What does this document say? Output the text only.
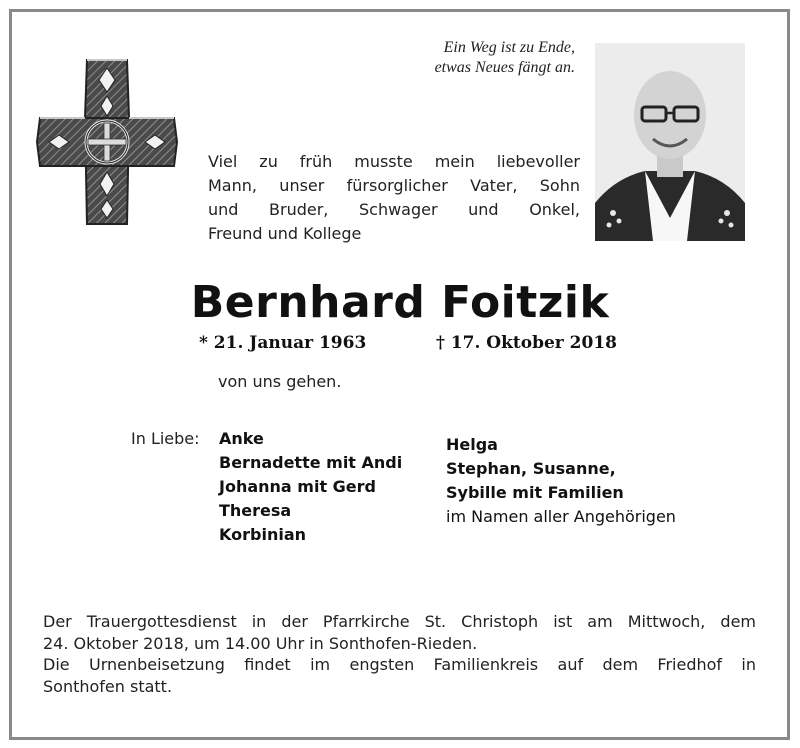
Ein Weg ist zu Ende,
etwas Neues fängt an.
Viel zu früh musste mein liebevoller
Mann, unser fürsorglicher Vater, Sohn
und Bruder, Schwager und Onkel,
Freund und Kollege
Bernhard Foitzik
* 21. Januar 1963	† 17. Oktober 2018
von uns gehen.
In Liebe: Anke
Bernadette mit Andi
Johanna mit Gerd
Theresa
Korbinian
Helga
Stephan, Susanne,
Sybille mit Familien
im Namen aller Angehörigen
Der Trauergottesdienst in der Pfarrkirche St. Christoph ist am Mittwoch, dem
24. Oktober 2018, um 14.00 Uhr in Sonthofen-Rieden.
Die Urnenbeisetzung findet im engsten Familienkreis auf dem Friedhof in
Sonthofen statt.
